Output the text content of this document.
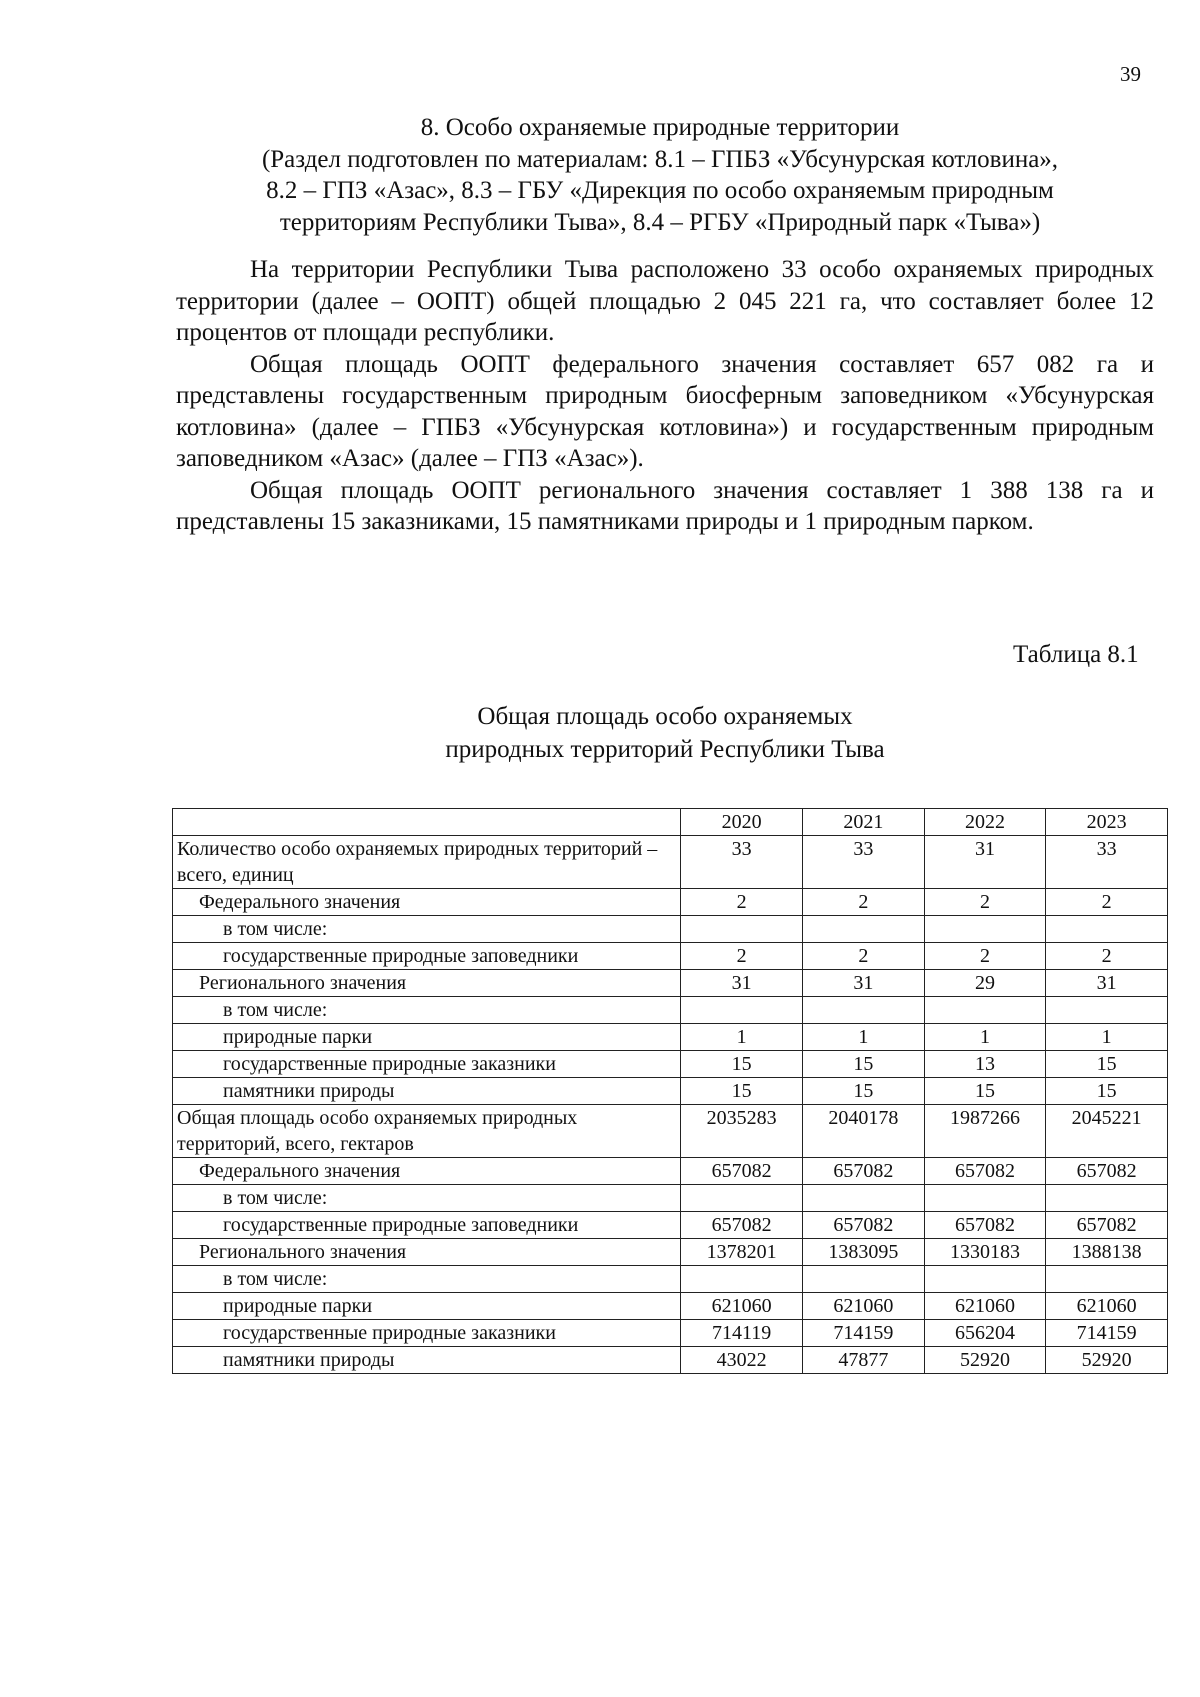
39
8. Особо охраняемые природные территории
(Раздел подготовлен по материалам: 8.1 – ГПБЗ «Убсунурская котловина»,
8.2 – ГПЗ «Азас», 8.3 – ГБУ «Дирекция по особо охраняемым природным
территориям Республики Тыва», 8.4 – РГБУ «Природный парк «Тыва»)

На территории Республики Тыва расположено 33 особо охраняемых природных территории (далее – ООПТ) общей площадью 2 045 221 га, что составляет более 12 процентов от площади республики.

Общая площадь ООПТ федерального значения составляет 657 082 га и представлены государственным природным биосферным заповедником «Убсунурская котловина» (далее – ГПБЗ «Убсунурская котловина») и государственным природным заповедником «Азас» (далее – ГПЗ «Азас»).

Общая площадь ООПТ регионального значения составляет 1 388 138 га и представлены 15 заказниками, 15 памятниками природы и 1 природным парком.

Таблица 8.1
Общая площадь особо охраняемых
природных территорий Республики Тыва
	2020	2021	2022	2023
Количество особо охраняемых природных территорий – всего, единиц	33	33	31	33
Федерального значения	2	2	2	2
в том числе:				
государственные природные заповедники	2	2	2	2
Регионального значения	31	31	29	31
в том числе:				
природные парки	1	1	1	1
государственные природные заказники	15	15	13	15
памятники природы	15	15	15	15
Общая площадь особо охраняемых природных территорий, всего, гектаров	2035283	2040178	1987266	2045221
Федерального значения	657082	657082	657082	657082
в том числе:				
государственные природные заповедники	657082	657082	657082	657082
Регионального значения	1378201	1383095	1330183	1388138
в том числе:				
природные парки	621060	621060	621060	621060
государственные природные заказники	714119	714159	656204	714159
памятники природы	43022	47877	52920	52920
